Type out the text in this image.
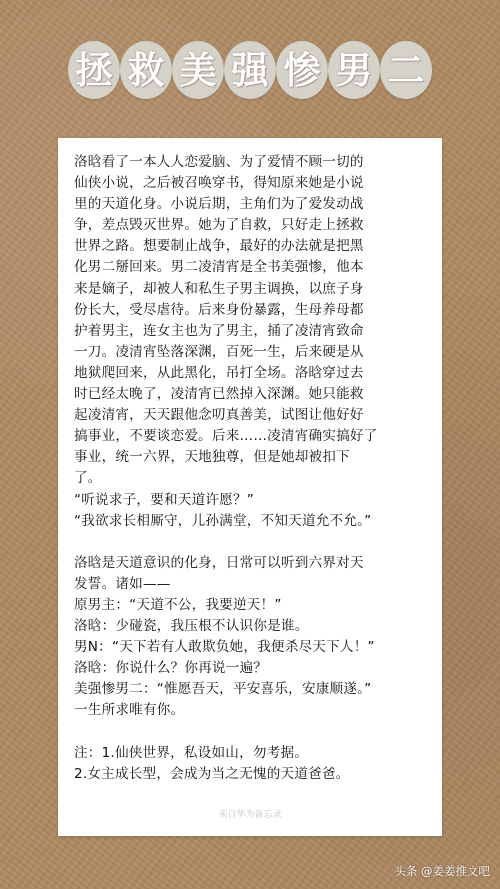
拯 救 美 强 惨 男 二
洛晗看了一本人人恋爱脑、为了爱情不顾一切的
仙侠小说，之后被召唤穿书，得知原来她是小说
里的天道化身。小说后期，主角们为了爱发动战
争，差点毁灭世界。她为了自救，只好走上拯救
世界之路。想要制止战争，最好的办法就是把黑
化男二掰回来。男二凌清宵是全书美强惨，他本
来是嫡子，却被人和私生子男主调换，以庶子身
份长大，受尽虐待。后来身份暴露，生母养母都
护着男主，连女主也为了男主，捅了凌清宵致命
一刀。凌清宵坠落深渊，百死一生，后来硬是从
地狱爬回来，从此黑化，吊打全场。洛晗穿过去
时已经太晚了，凌清宵已然掉入深渊。她只能救
起凌清宵，天天跟他念叨真善美，试图让他好好
搞事业，不要谈恋爱。后来……凌清宵确实搞好了
事业，统一六界，天地独尊，但是她却被扣下
了。
“听说求子，要和天道许愿？”
“我欲求长相厮守，儿孙满堂，不知天道允不允。”
洛晗是天道意识的化身，日常可以听到六界对天
发誓。诸如——
原男主：“天道不公，我要逆天！”
洛晗：少碰瓷，我压根不认识你是谁。
男N：“天下若有人敢欺负她，我便杀尽天下人！”
洛晗：你说什么？你再说一遍？
美强惨男二：“惟愿吾天，平安喜乐，安康顺遂。”
一生所求唯有你。
注：1.仙侠世界，私设如山，勿考据。
2.女主成长型，会成为当之无愧的天道爸爸。
来自华为备忘录
头条 @姜姜推文吧
